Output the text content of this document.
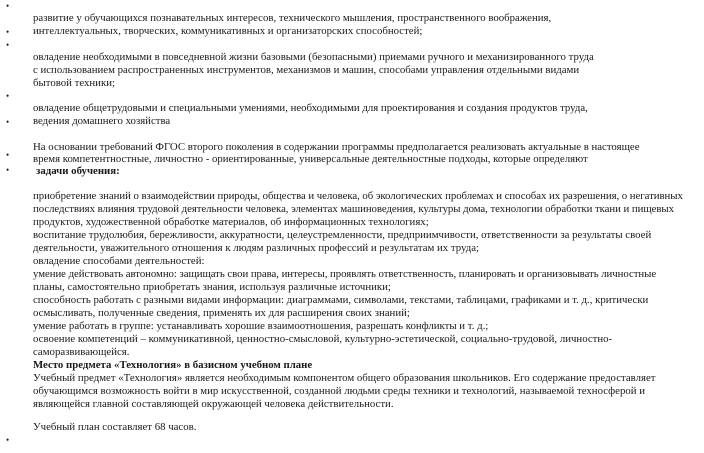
•
•
•
•
•
•
•
•
развитие у обучающихся познавательных интересов, технического мышления, пространственного воображения,
интеллектуальных, творческих, коммуникативных и организаторских способностей;
овладение необходимыми в повседневной жизни базовыми (безопасными) приемами ручного и механизированного труда
с использованием распространенных инструментов, механизмов и машин, способами управления отдельными видами
бытовой техники;
овладение общетрудовыми и специальными умениями, необходимыми для проектирования и создания продуктов труда,
ведения домашнего хозяйства
На основании требований ФГОС второго поколения в содержании программы предполагается реализовать актуальные в настоящее
время компетентностные, личностно - ориентированные, универсальные деятельностные подходы, которые определяют
задачи обучения:
приобретение знаний о взаимодействии природы, общества и человека, об экологических проблемах и способах их разрешения, о негативных
последствиях влияния трудовой деятельности человека, элементах машиноведения, культуры дома, технологии обработки ткани и пищевых
продуктов, художественной обработке материалов, об информационных технологиях;
воспитание трудолюбия, бережливости, аккуратности, целеустремленности, предприимчивости, ответственности за результаты своей
деятельности, уважительного отношения к людям различных профессий и результатам их труда;
овладение способами деятельностей:
умение действовать автономно: защищать свои права, интересы, проявлять ответственность, планировать и организовывать личностные
планы, самостоятельно приобретать знания, используя различные источники;
способность работать с разными видами информации: диаграммами, символами, текстами, таблицами, графиками и т. д., критически
осмысливать, полученные сведения, применять их для расширения своих знаний;
умение работать в группе: устанавливать хорошие взаимоотношения, разрешать конфликты и т. д.;
освоение компетенций – коммуникативной, ценностно-смысловой, культурно-эстетической, социально-трудовой, личностно-
саморазвивающейся.
Место предмета «Технология» в базисном учебном плане
Учебный предмет «Технология» является необходимым компонентом общего образования школьников. Его содержание предоставляет
обучающимся возможность войти в мир искусственной, созданной людьми среды техники и технологий, называемой техносферой и
являющейся главной составляющей окружающей человека действительности.
Учебный план составляет 68 часов.
